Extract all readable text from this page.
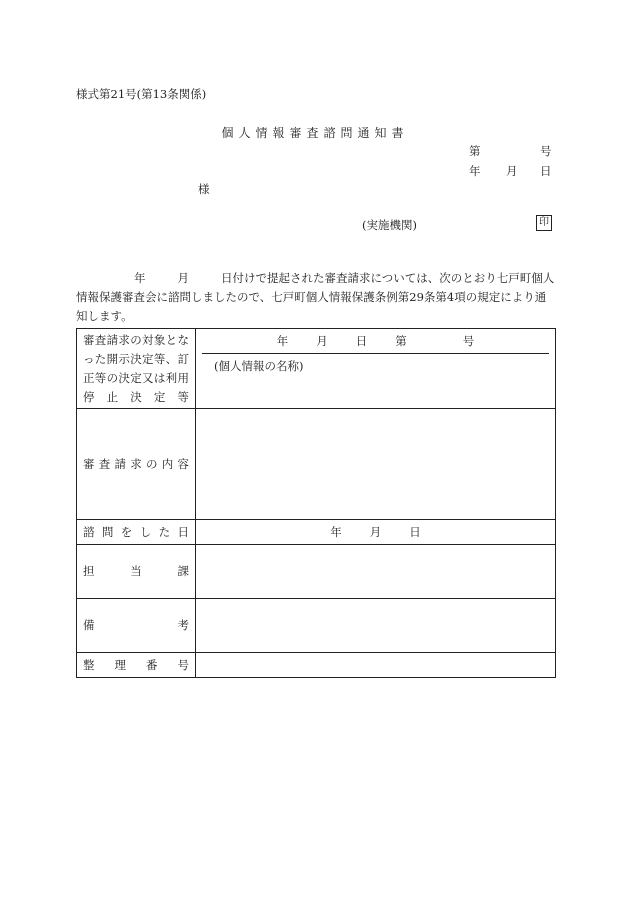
様式第21号(第13条関係)
個人情報審査諮問通知書
第	号
年 月 日
様
(実施機関)	印
年	月	日付けで提起された審査請求については、次のとおり七戸町個人情報保護審査会に諮問しましたので、七戸町個人情報保護条例第29条第4項の規定により通知します。
審査請求の対象となった開示決定等、訂正等の決定又は利用停止決定等	年 月 日 第 号
(個人情報の名称)

審査請求の内容	

諮問をした日	年 月 日

担当課	

備考	

整理番号	
